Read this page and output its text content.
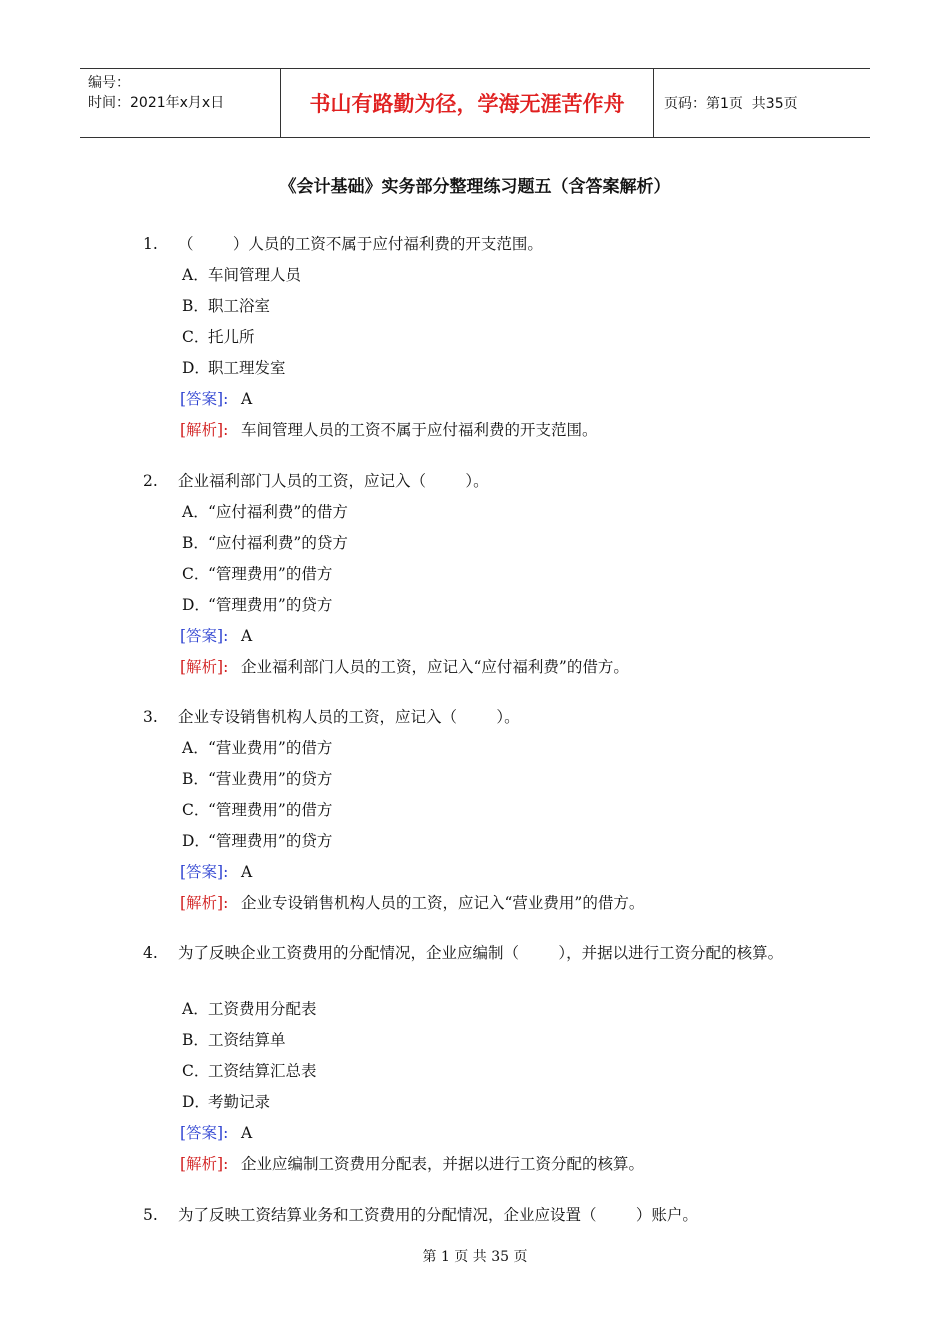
编号：
时间：2021年x月x日	书山有路勤为径，学海无涯苦作舟	页码：第1页  共35页
《会计基础》实务部分整理练习题五（含答案解析）
1. （        ）人员的工资不属于应付福利费的开支范围。
A． 车间管理人员
B． 职工浴室
C．
托儿所
D．
职工理发室
[答案]: A
[解析]: 车间管理人员的工资不属于应付福利费的开支范围。
2. 企业福利部门人员的工资，应记入（        ）。
A． “应付福利费”的借方
B． “应付福利费”的贷方
C．
“管理费用”的借方
D．
“管理费用”的贷方
[答案]: A
[解析]: 企业福利部门人员的工资，应记入“应付福利费”的借方。
3. 企业专设销售机构人员的工资，应记入（        ）。
A． “营业费用”的借方
B． “营业费用”的贷方
C．
“管理费用”的借方
D．
“管理费用”的贷方
[答案]: A
[解析]: 企业专设销售机构人员的工资，应记入“营业费用”的借方。
4. 为了反映企业工资费用的分配情况，企业应编制（        ），并据以进行工资分配的核算。
A． 工资费用分配表
B． 工资结算单
C．
工资结算汇总表
D．
考勤记录
[答案]: A
[解析]: 企业应编制工资费用分配表，并据以进行工资分配的核算。
5. 为了反映工资结算业务和工资费用的分配情况，企业应设置（        ）账户。
第 1 页 共 35 页
